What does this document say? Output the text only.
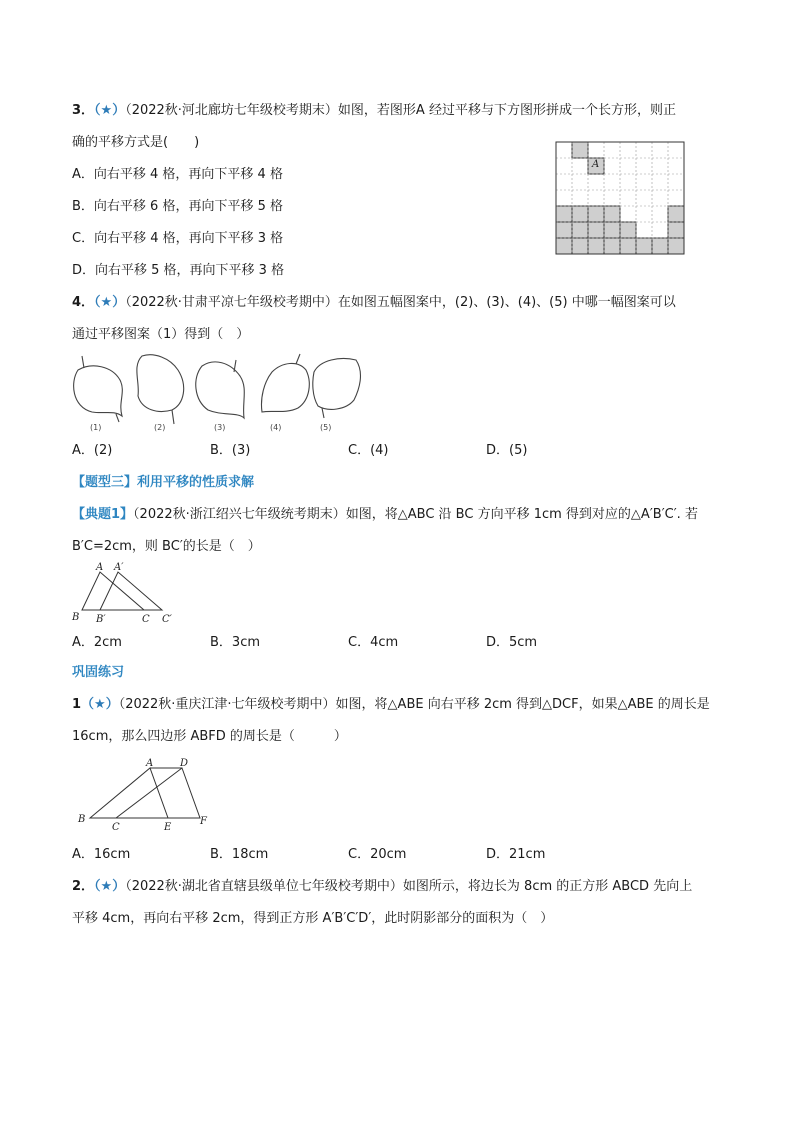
3．（★）（2022秋·河北廊坊七年级校考期末）如图，若图形A 经过平移与下方图形拼成一个长方形，则正
确的平移方式是(　　)
A．向右平移 4 格，再向下平移 4 格
B．向右平移 6 格，再向下平移 5 格
C．向右平移 4 格，再向下平移 3 格
D．向右平移 5 格，再向下平移 3 格
A
4．（★）（2022秋·甘肃平凉七年级校考期中）在如图五幅图案中，(2)、(3)、(4)、(5) 中哪一幅图案可以
通过平移图案（1）得到（　）
(1)	(2)	(3)	(4)	(5)
A．(2)	B．(3)	C．(4)	D．(5)
【题型三】利用平移的性质求解
【典题1】（2022秋·浙江绍兴七年级统考期末）如图，将△ABC 沿 BC 方向平移 1cm 得到对应的△A′B′C′. 若
B′C=2cm，则 BC′的长是（　）
A A′
B B′	C C′
A．2cm	B．3cm	C．4cm	D．5cm
巩固练习
1（★）（2022秋·重庆江津·七年级校考期中）如图，将△ABE 向右平移 2cm 得到△DCF，如果△ABE 的周长是
16cm，那么四边形 ABFD 的周长是（　　　）
A	D
B
C	E
F
A．16cm	B．18cm	C．20cm	D．21cm
2．（★）（2022秋·湖北省直辖县级单位七年级校考期中）如图所示，将边长为 8cm 的正方形 ABCD 先向上
平移 4cm，再向右平移 2cm，得到正方形 A′B′C′D′，此时阴影部分的面积为（　）
